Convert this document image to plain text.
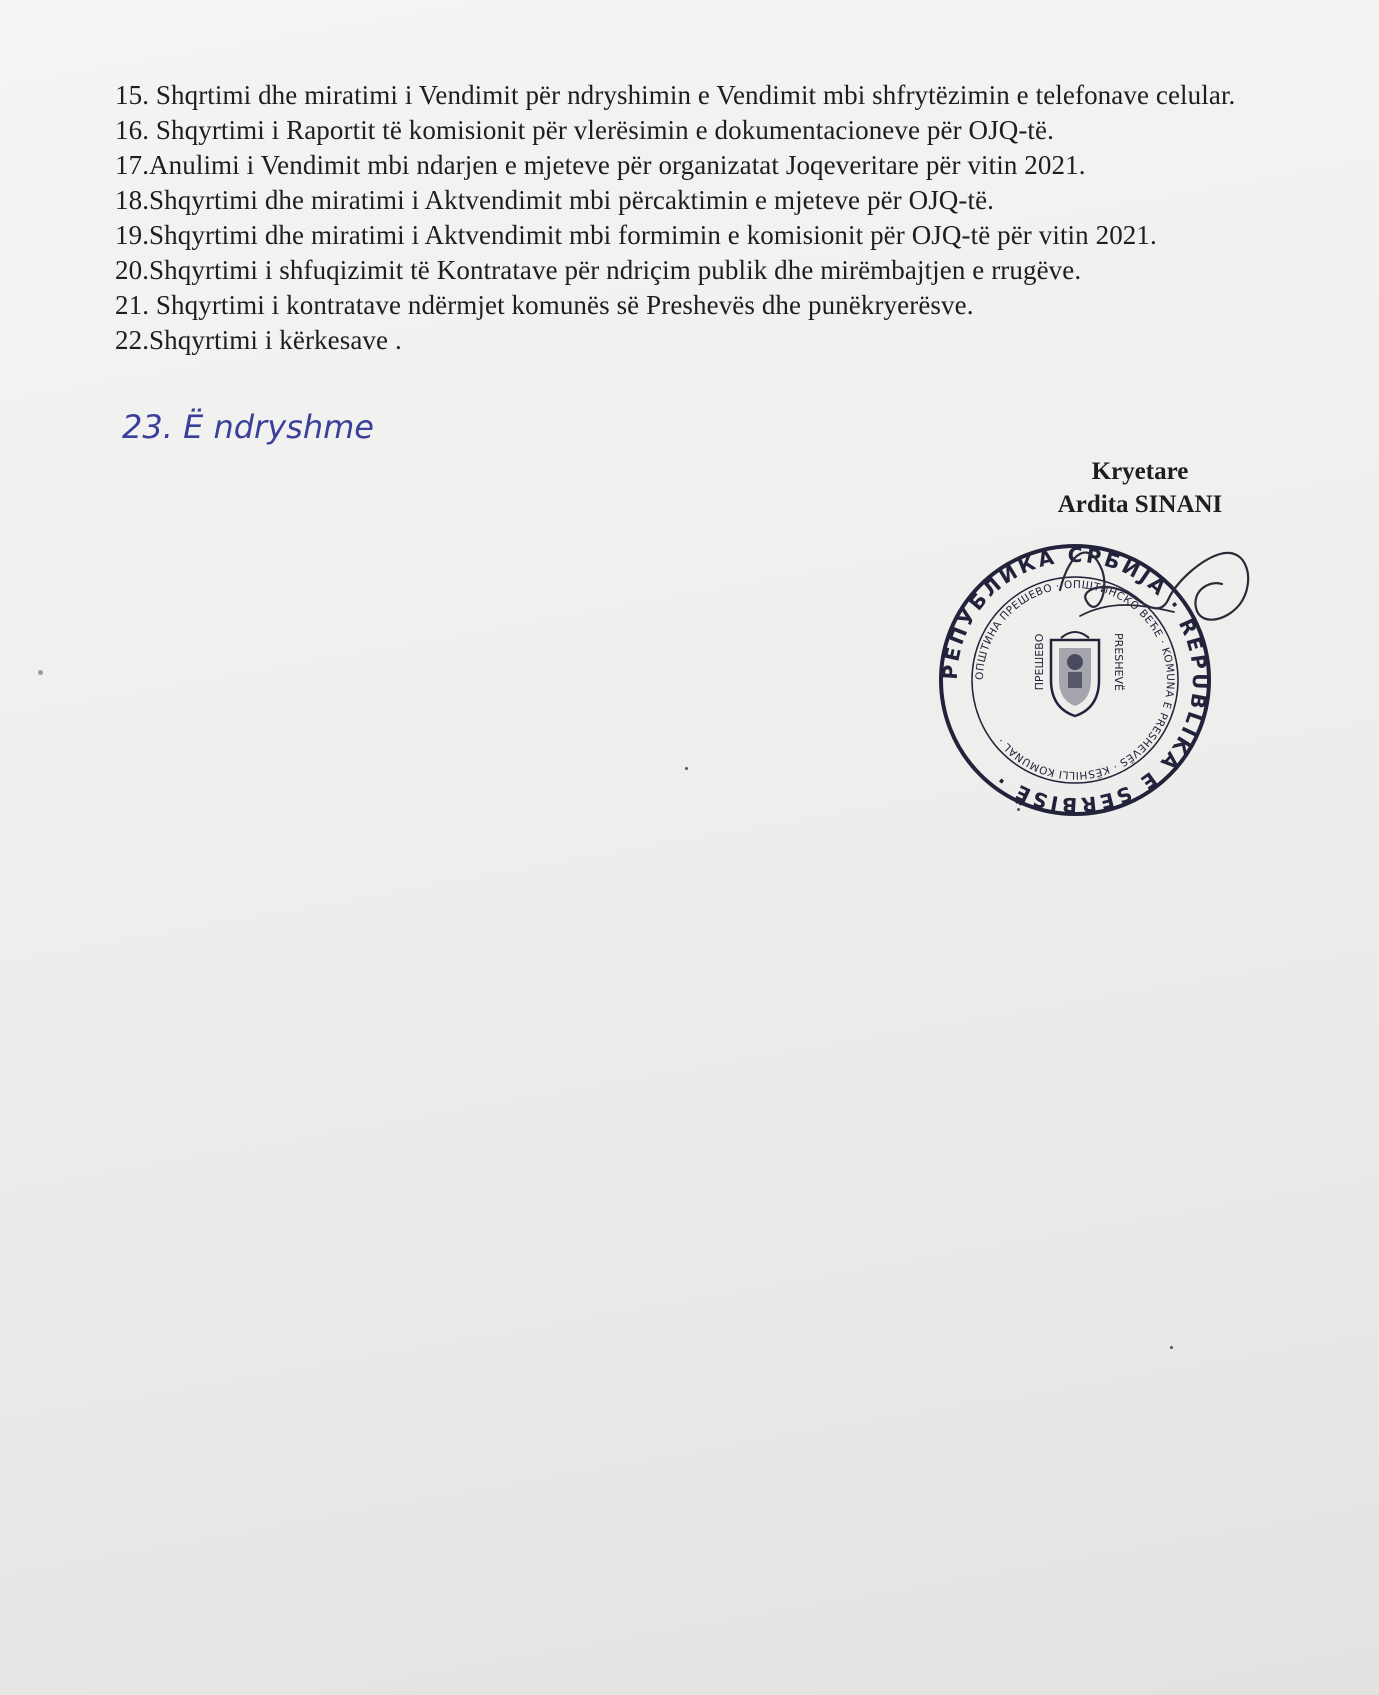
15. Shqrtimi dhe miratimi i Vendimit për ndryshimin e Vendimit mbi shfrytëzimin e telefonave celular.
16. Shqyrtimi i Raportit të komisionit për vlerësimin e dokumentacioneve për OJQ-të.
17.Anulimi i Vendimit mbi ndarjen e mjeteve për organizatat Joqeveritare për vitin 2021.
18.Shqyrtimi dhe miratimi i Aktvendimit mbi përcaktimin e mjeteve për OJQ-të.
19.Shqyrtimi dhe miratimi i Aktvendimit mbi formimin e komisionit për OJQ-të për vitin 2021.
20.Shqyrtimi i shfuqizimit të Kontratave për ndriçim publik dhe mirëmbajtjen e rrugëve.
21. Shqyrtimi i kontratave ndërmjet komunës së Preshevës dhe punëkryerësve.
22.Shqyrtimi i kërkesave .
23. Ë ndryshme
Kryetare
Ardita SINANI
РЕПУБЛИКА СРБИЈА · REPUBLIKA E SERBISË ·
ОПШТИНА ПРЕШЕВО · ОПШТИНСКО ВЕЋЕ · KOMUNA E PRESHEVËS · KËSHILLI KOMUNAL ·
ПРЕШЕВО	PRESHEVË
